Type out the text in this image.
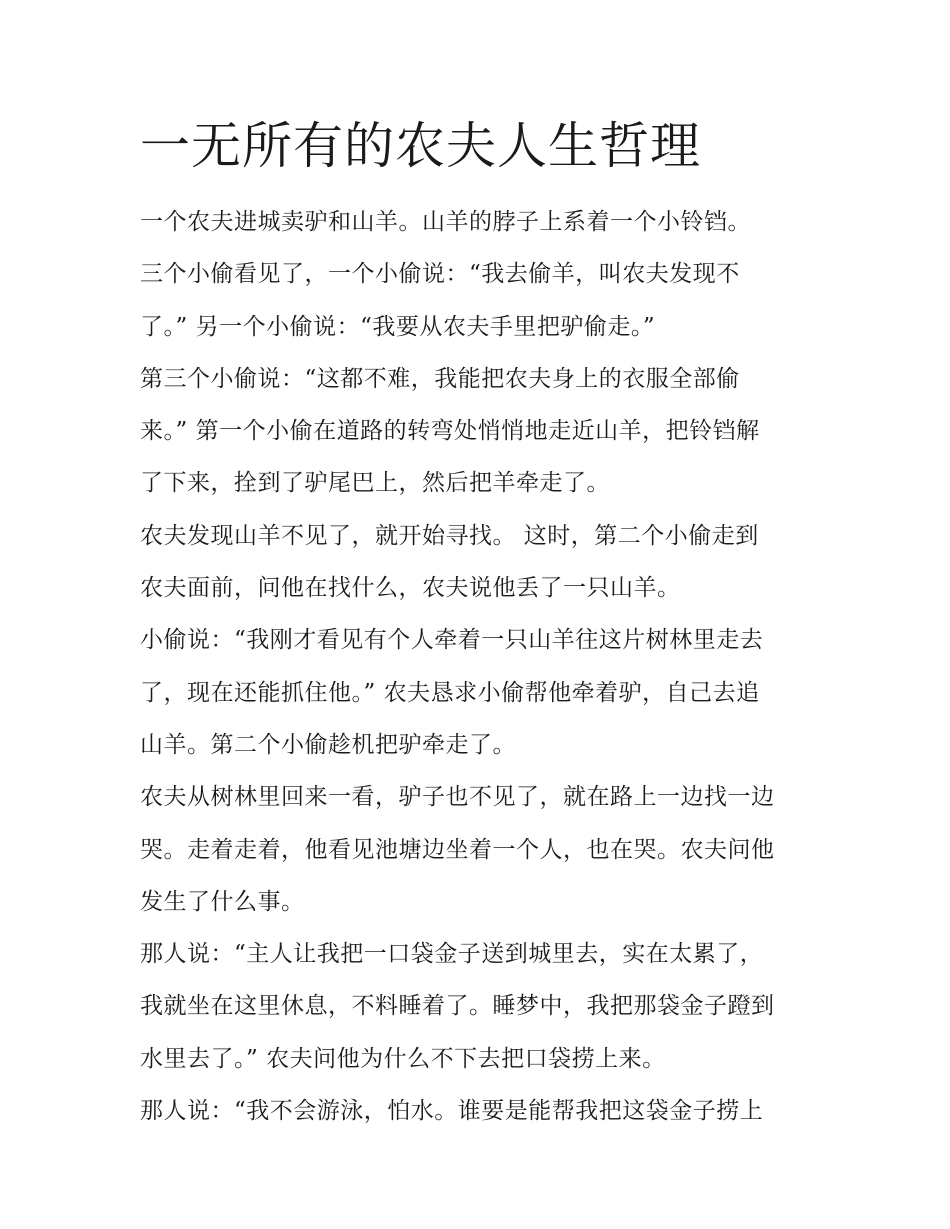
一无所有的农夫人生哲理
一个农夫进城卖驴和山羊。山羊的脖子上系着一个小铃铛。
三个小偷看见了，一个小偷说：“我去偷羊，叫农夫发现不
了。” 另一个小偷说：“我要从农夫手里把驴偷走。”
第三个小偷说：“这都不难，我能把农夫身上的衣服全部偷
来。” 第一个小偷在道路的转弯处悄悄地走近山羊，把铃铛解
了下来，拴到了驴尾巴上，然后把羊牵走了。
农夫发现山羊不见了，就开始寻找。 这时，第二个小偷走到
农夫面前，问他在找什么，农夫说他丢了一只山羊。
小偷说：“我刚才看见有个人牵着一只山羊往这片树林里走去
了，现在还能抓住他。” 农夫恳求小偷帮他牵着驴，自己去追
山羊。第二个小偷趁机把驴牵走了。
农夫从树林里回来一看，驴子也不见了，就在路上一边找一边
哭。走着走着，他看见池塘边坐着一个人，也在哭。农夫问他
发生了什么事。
那人说：“主人让我把一口袋金子送到城里去，实在太累了，
我就坐在这里休息，不料睡着了。睡梦中，我把那袋金子蹬到
水里去了。” 农夫问他为什么不下去把口袋捞上来。
那人说：“我不会游泳，怕水。谁要是能帮我把这袋金子捞上
